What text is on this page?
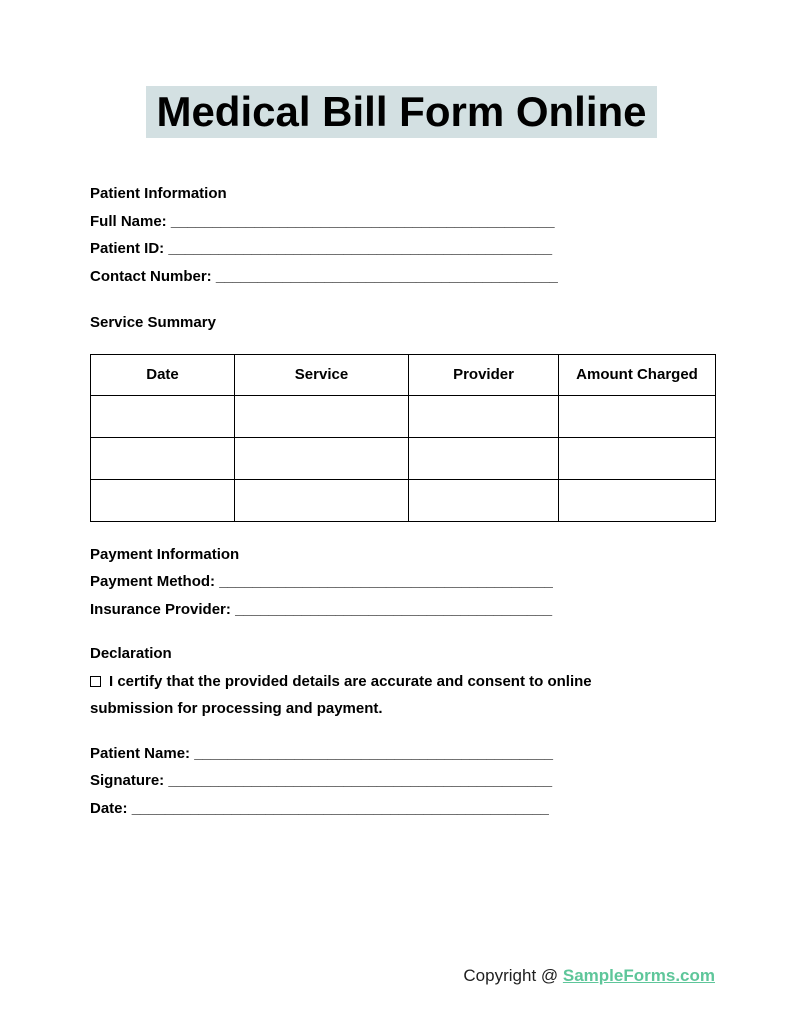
Medical Bill Form Online
Patient Information
Full Name: ______________________________________________
Patient ID: ______________________________________________
Contact Number: _________________________________________
Service Summary
Date	Service	Provider	Amount Charged

Payment Information
Payment Method: ________________________________________
Insurance Provider: ______________________________________
Declaration
I certify that the provided details are accurate and consent to online
submission for processing and payment.
Patient Name: ___________________________________________
Signature: ______________________________________________
Date: __________________________________________________
Copyright @ SampleForms.com
